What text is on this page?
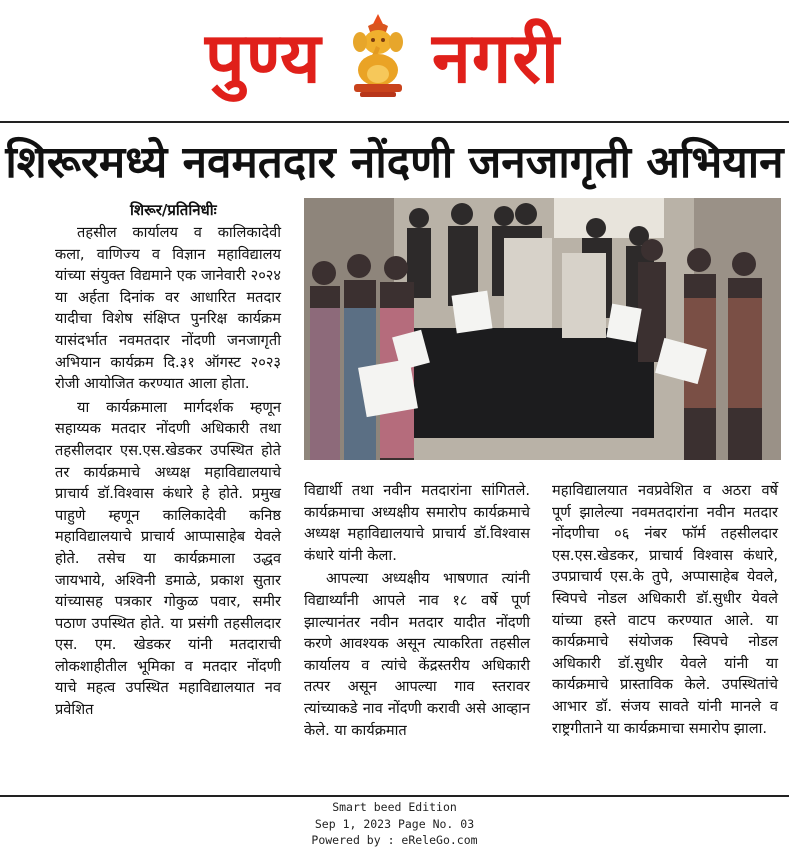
पुण्य नगरी
शिरूरमध्ये नवमतदार नोंदणी जनजागृती अभियान
शिरूर/प्रतिनिधीः

तहसील कार्यालय व कालिकादेवी कला, वाणिज्य व विज्ञान महाविद्यालय यांच्या संयुक्त विद्यमाने एक जानेवारी २०२४ या अर्हता दिनांक वर आधारित मतदार यादीचा विशेष संक्षिप्त पुनरिक्ष कार्यक्रम यासंदर्भात नवमतदार नोंदणी जनजागृती अभियान कार्यक्रम दि.३१ ऑगस्ट २०२३ रोजी आयोजित करण्यात आला होता.

या कार्यक्रमाला मार्गदर्शक म्हणून सहाय्यक मतदार नोंदणी अधिकारी तथा तहसीलदार एस.एस.खेडकर उपस्थित होते तर कार्यक्रमाचे अध्यक्ष महाविद्यालयाचे प्राचार्य डॉ.विश्वास कंधारे हे होते. प्रमुख पाहुणे म्हणून कालिकादेवी कनिष्ठ महाविद्यालयाचे प्राचार्य आप्पासाहेब येवले होते. तसेच या कार्यक्रमाला उद्धव जायभाये, अश्विनी डमाळे, प्रकाश सुतार यांच्यासह पत्रकार गोकुळ पवार, समीर पठाण उपस्थित होते. या प्रसंगी तहसीलदार एस. एम. खेडकर यांनी मतदाराची लोकशाहीतील भूमिका व मतदार नोंदणी याचे महत्व उपस्थित महाविद्यालयात नव प्रवेशित

विद्यार्थी तथा नवीन मतदारांना सांगितले. कार्यक्रमाचा अध्यक्षीय समारोप कार्यक्रमाचे अध्यक्ष महाविद्यालयाचे प्राचार्य डॉ.विश्वास कंधारे यांनी केला.

आपल्या अध्यक्षीय भाषणात त्यांनी विद्यार्थ्यांनी आपले नाव १८ वर्षे पूर्ण झाल्यानंतर नवीन मतदार यादीत नोंदणी करणे आवश्यक असून त्याकरिता तहसील कार्यालय व त्यांचे केंद्रस्तरीय अधिकारी तत्पर असून आपल्या गाव स्तरावर त्यांच्याकडे नाव नोंदणी करावी असे आव्हान केले. या कार्यक्रमात

महाविद्यालयात नवप्रवेशित व अठरा वर्षे पूर्ण झालेल्या नवमतदारांना नवीन मतदार नोंदणीचा ०६ नंबर फॉर्म तहसीलदार एस.एस.खेडकर, प्राचार्य विश्वास कंधारे, उपप्राचार्य एस.के तुपे, अप्पासाहेब येवले, स्विपचे नोडल अधिकारी डॉ.सुधीर येवले यांच्या हस्ते वाटप करण्यात आले. या कार्यक्रमाचे संयोजक स्विपचे नोडल अधिकारी डॉ.सुधीर येवले यांनी या कार्यक्रमाचे प्रास्ताविक केले. उपस्थितांचे आभार डॉ. संजय सावते यांनी मानले व राष्ट्रगीताने या कार्यक्रमाचा समारोप झाला.

Smart beed Edition
Sep 1, 2023 Page No. 03
Powered by : eReleGo.com
